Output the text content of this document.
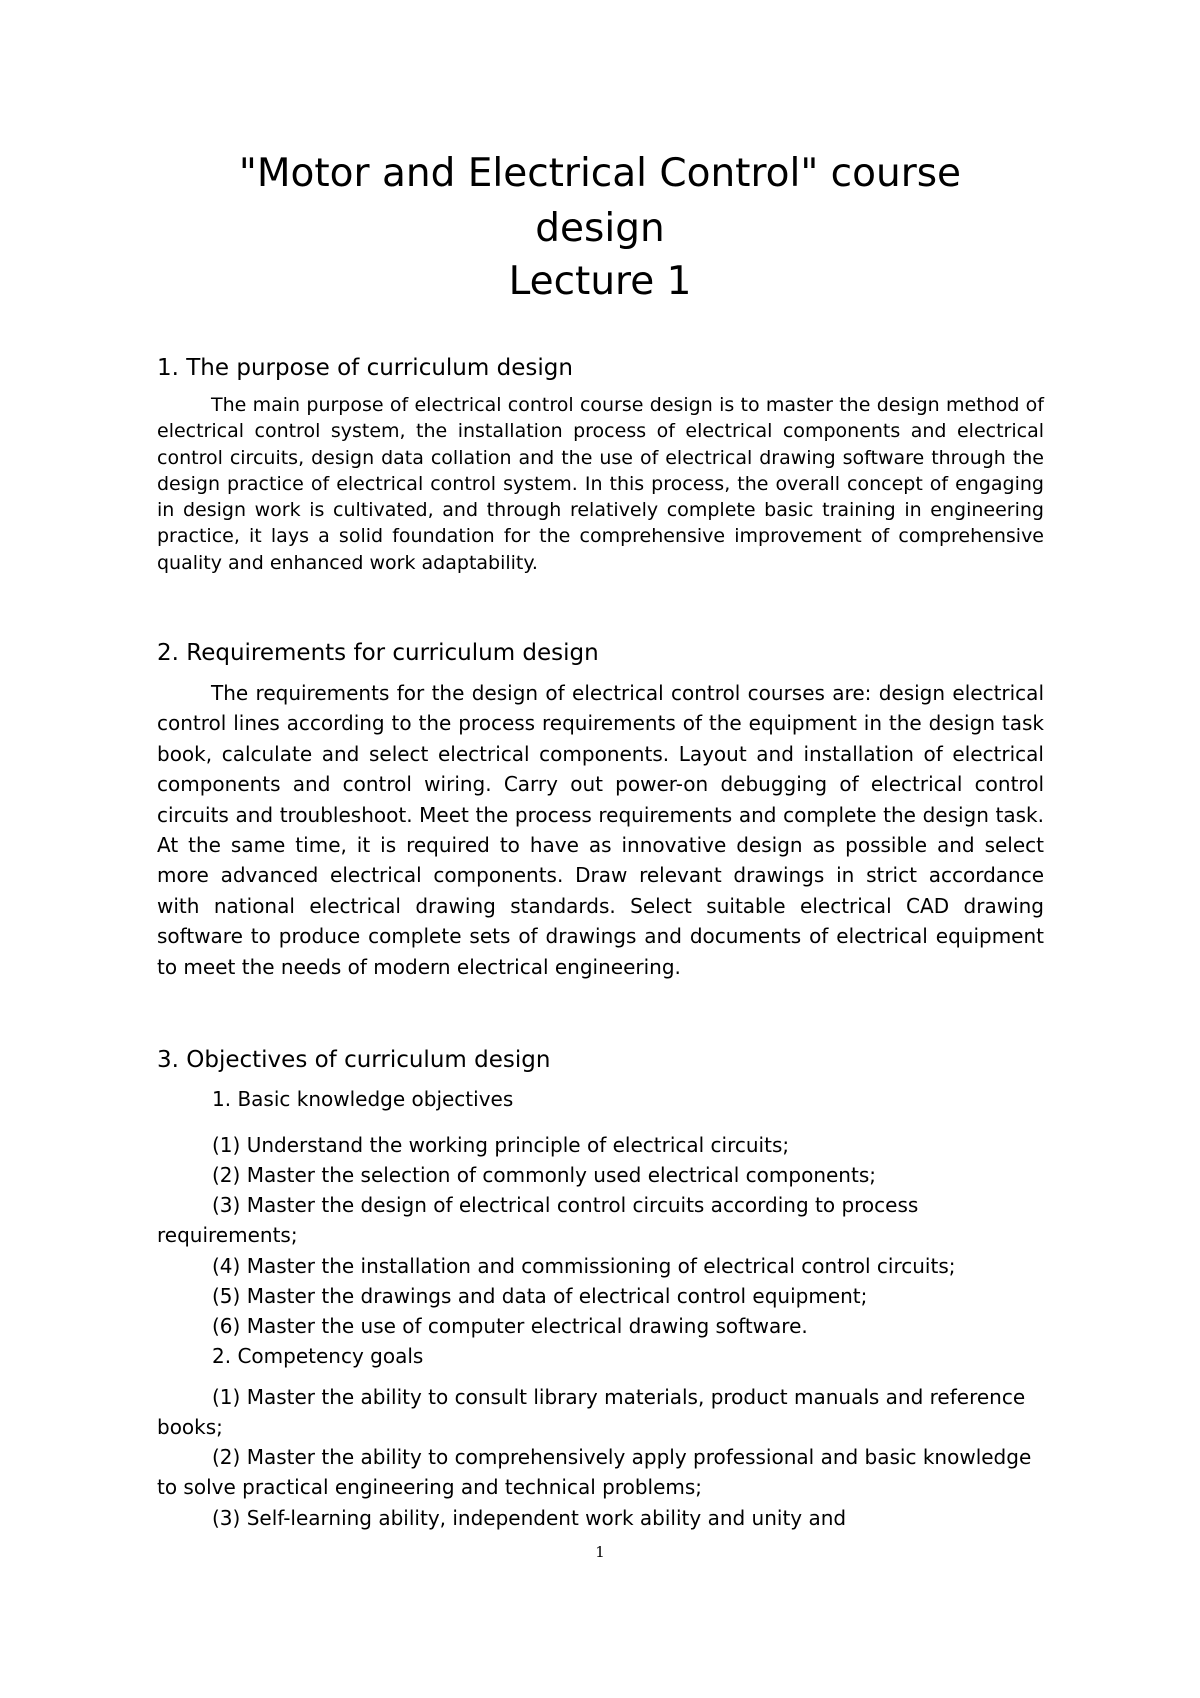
"Motor and Electrical Control" course
design
Lecture 1
1. The purpose of curriculum design
The main purpose of electrical control course design is to master the design method of electrical control system, the installation process of electrical components and electrical control circuits, design data collation and the use of electrical drawing software through the design practice of electrical control system. In this process, the overall concept of engaging in design work is cultivated, and through relatively complete basic training in engineering practice, it lays a solid foundation for the comprehensive improvement of comprehensive quality and enhanced work adaptability.
2. Requirements for curriculum design
The requirements for the design of electrical control courses are: design electrical control lines according to the process requirements of the equipment in the design task book, calculate and select electrical components. Layout and installation of electrical components and control wiring. Carry out power-on debugging of electrical control circuits and troubleshoot. Meet the process requirements and complete the design task. At the same time, it is required to have as innovative design as possible and select more advanced electrical components. Draw relevant drawings in strict accordance with national electrical drawing standards. Select suitable electrical CAD drawing software to produce complete sets of drawings and documents of electrical equipment to meet the needs of modern electrical engineering.
3. Objectives of curriculum design
1. Basic knowledge objectives
(1) Understand the working principle of electrical circuits;
(2) Master the selection of commonly used electrical components;
(3) Master the design of electrical control circuits according to process requirements;
(4) Master the installation and commissioning of electrical control circuits;
(5) Master the drawings and data of electrical control equipment;
(6) Master the use of computer electrical drawing software.
2. Competency goals
(1) Master the ability to consult library materials, product manuals and reference books;
(2) Master the ability to comprehensively apply professional and basic knowledge to solve practical engineering and technical problems;
(3) Self-learning ability, independent work ability and unity and
1
